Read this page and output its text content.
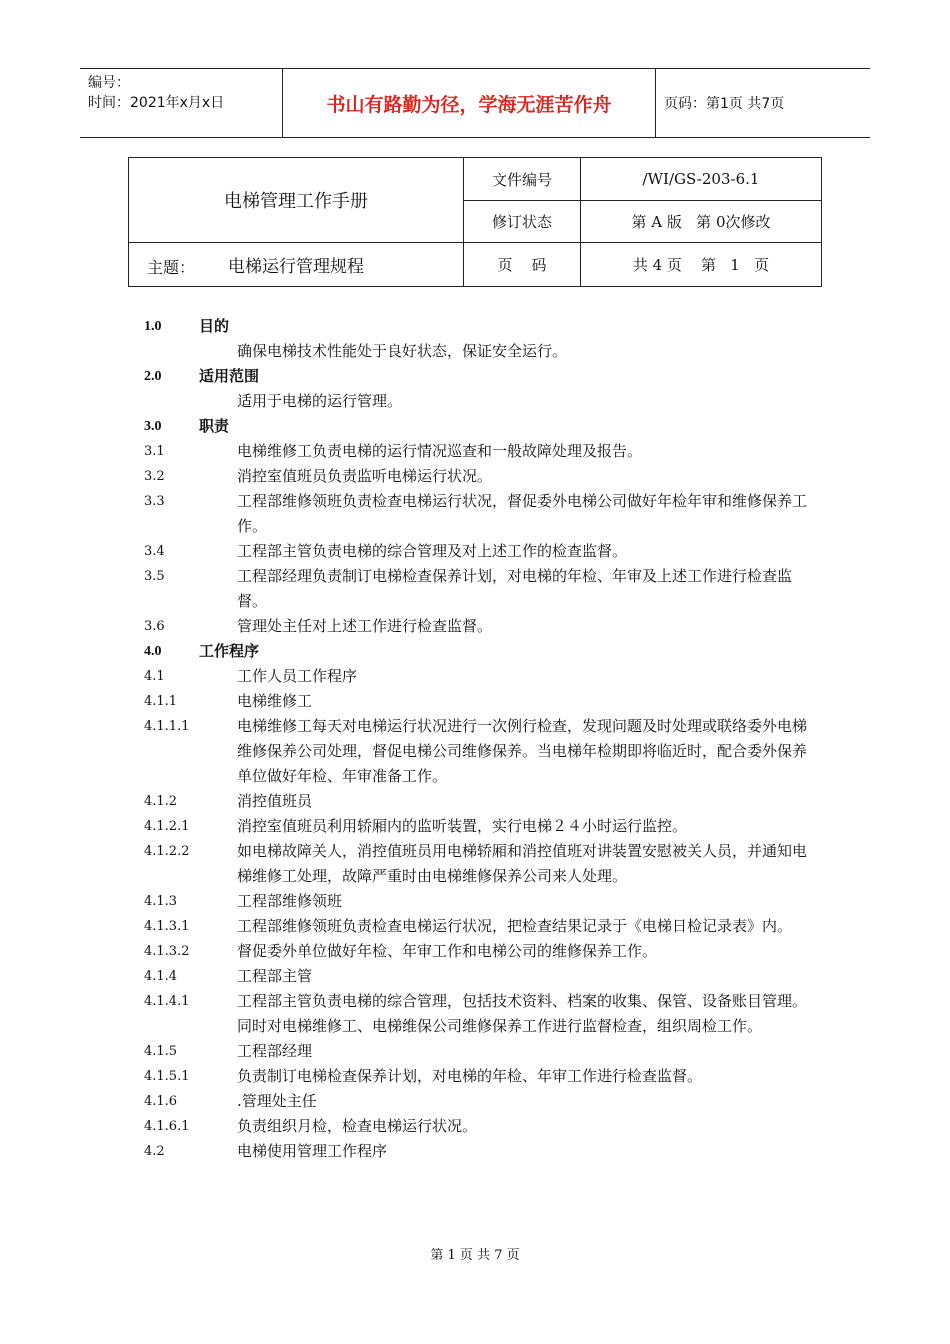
编号：
时间：2021年x月x日	书山有路勤为径，学海无涯苦作舟	页码：第1页 共7页
电梯管理工作手册	文件编号	/WI/GS-203-6.1
	修订状态	第 A 版   第 0次修改

主题： 电梯运行管理规程	页    码	共 4 页    第   1   页
1.0	目的
确保电梯技术性能处于良好状态，保证安全运行。
2.0	适用范围
适用于电梯的运行管理。
3.0	职责
3.1	电梯维修工负责电梯的运行情况巡查和一般故障处理及报告。
3.2	消控室值班员负责监听电梯运行状况。
3.3	工程部维修领班负责检查电梯运行状况，督促委外电梯公司做好年检年审和维修保养工作。
3.4	工程部主管负责电梯的综合管理及对上述工作的检查监督。
3.5	工程部经理负责制订电梯检查保养计划，对电梯的年检、年审及上述工作进行检查监督。
3.6	管理处主任对上述工作进行检查监督。
4.0	工作程序
4.1	工作人员工作程序
4.1.1	电梯维修工
4.1.1.1	电梯维修工每天对电梯运行状况进行一次例行检查，发现问题及时处理或联络委外电梯维修保养公司处理，督促电梯公司维修保养。当电梯年检期即将临近时，配合委外保养单位做好年检、年审准备工作。
4.1.2	消控值班员
4.1.2.1	消控室值班员利用轿厢内的监听装置，实行电梯２４小时运行监控。
4.1.2.2	如电梯故障关人，消控值班员用电梯轿厢和消控值班对讲装置安慰被关人员，并通知电梯维修工处理，故障严重时由电梯维修保养公司来人处理。
4.1.3	工程部维修领班
4.1.3.1	工程部维修领班负责检查电梯运行状况，把检查结果记录于《电梯日检记录表》内。
4.1.3.2	督促委外单位做好年检、年审工作和电梯公司的维修保养工作。
4.1.4	工程部主管
4.1.4.1	工程部主管负责电梯的综合管理，包括技术资料、档案的收集、保管、设备账目管理。同时对电梯维修工、电梯维保公司维修保养工作进行监督检查，组织周检工作。
4.1.5	工程部经理
4.1.5.1	负责制订电梯检查保养计划，对电梯的年检、年审工作进行检查监督。
4.1.6	.管理处主任
4.1.6.1	负责组织月检，检查电梯运行状况。
4.2	电梯使用管理工作程序
第 1 页 共 7 页
